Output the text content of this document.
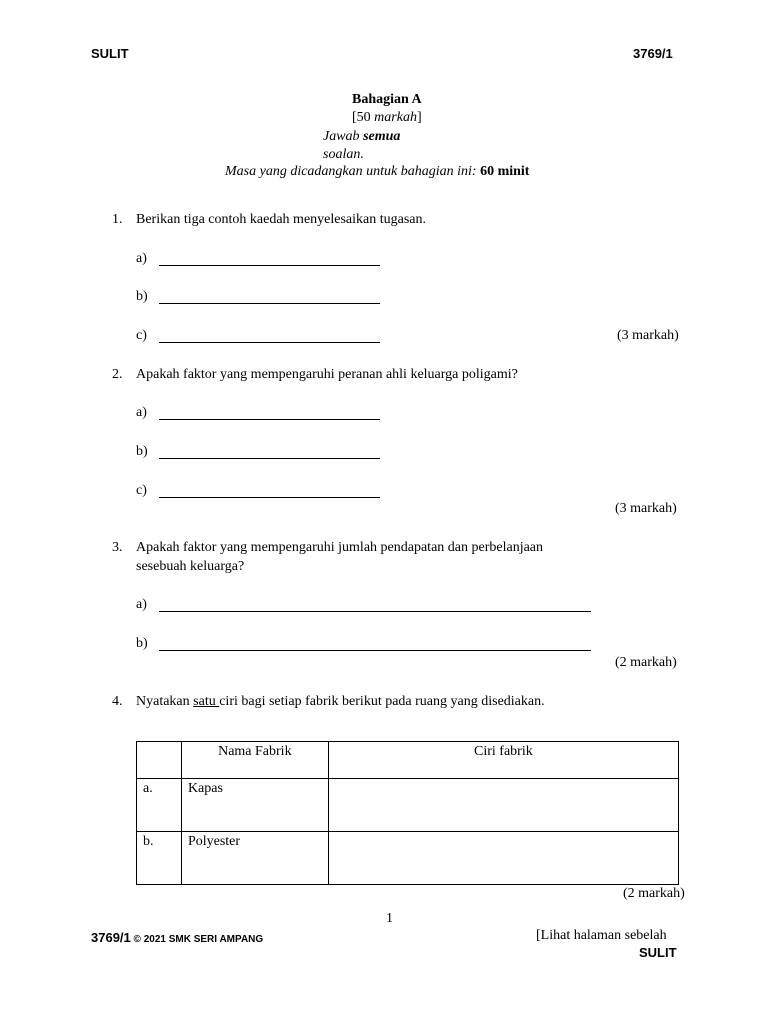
SULIT	3769/1
Bahagian A
[50 markah]
Jawab semua
soalan.
Masa yang dicadangkan untuk bahagian ini: 60 minit
1. Berikan tiga contoh kaedah menyelesaikan tugasan.
a)
b)
c)	(3 markah)
2. Apakah faktor yang mempengaruhi peranan ahli keluarga poligami?
a)
b)
c)
(3 markah)
3. Apakah faktor yang mempengaruhi jumlah pendapatan dan perbelanjaan
sesebuah keluarga?
a)
b)
(2 markah)
4. Nyatakan satu ciri bagi setiap fabrik berikut pada ruang yang disediakan.
	Nama Fabrik	Ciri fabrik
a.	Kapas	
b.	Polyester	
(2 markah)
1
3769/1 © 2021 SMK SERI AMPANG	[Lihat halaman sebelah
SULIT
